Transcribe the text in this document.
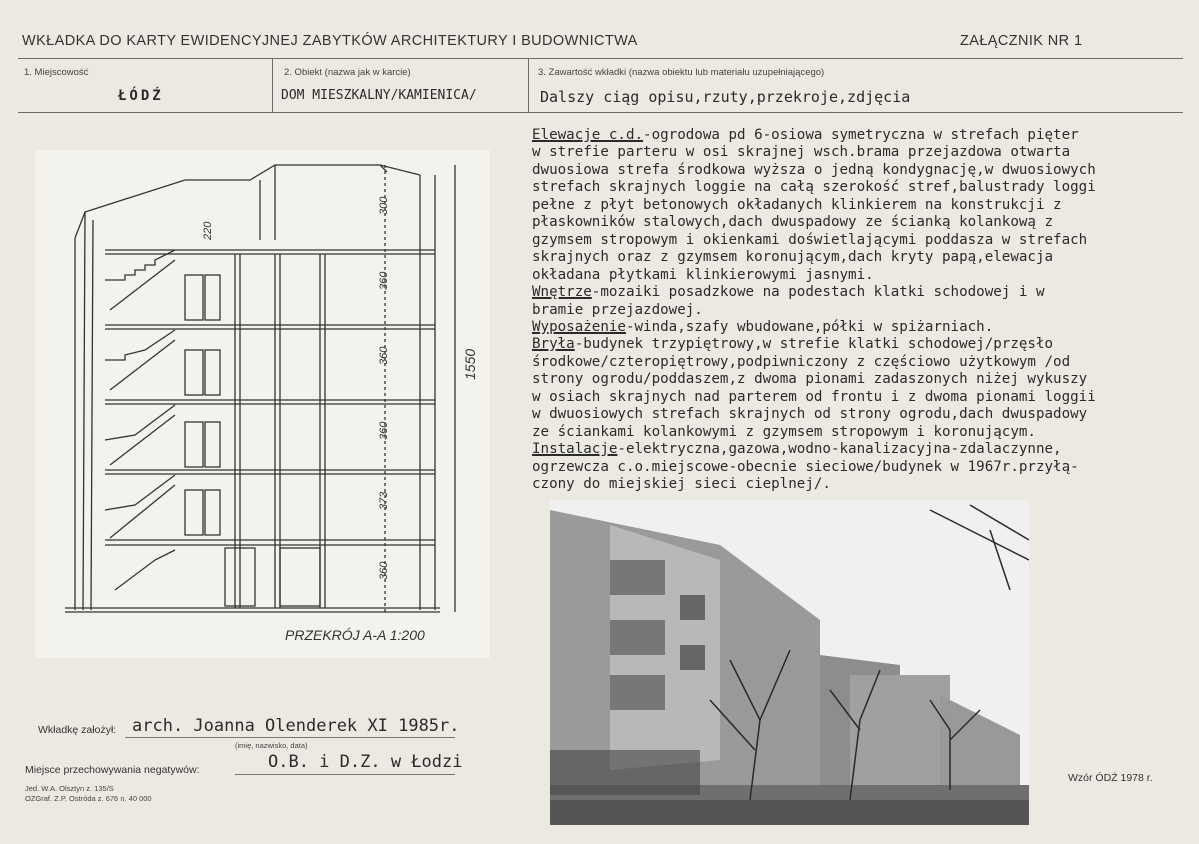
WKŁADKA DO KARTY EWIDENCYJNEJ ZABYTKÓW ARCHITEKTURY I BUDOWNICTWA	ZAŁĄCZNIK NR 1
1. Miejscowość	2. Obiekt (nazwa jak w karcie)	3. Zawartość wkładki (nazwa obiektu lub materiału uzupełniającego)
ŁÓDŹ	DOM MIESZKALNY/KAMIENICA/	Dalszy ciąg opisu,rzuty,przekroje,zdjęcia
Elewacje c.d.-ogrodowa pd 6-osiowa symetryczna w strefach pięter
w strefie parteru w osi skrajnej wsch.brama przejazdowa otwarta
dwuosiowa strefa środkowa wyższa o jedną kondygnację,w dwuosiowych
strefach skrajnych loggie na całą szerokość stref,balustrady loggi
pełne z płyt betonowych okładanych klinkierem na konstrukcji z
płaskowników stalowych,dach dwuspadowy ze ścianką kolankową z
gzymsem stropowym i okienkami doświetlającymi poddasza w strefach
skrajnych oraz z gzymsem koronującym,dach kryty papą,elewacja
okładana płytkami klinkierowymi jasnymi.
Wnętrze-mozaiki posadzkowe na podestach klatki schodowej i w
bramie przejazdowej.
Wyposażenie-winda,szafy wbudowane,półki w spiżarniach.
Bryła-budynek trzypiętrowy,w strefie klatki schodowej/przęsło
środkowe/czteropiętrowy,podpiwniczony z częściowo użytkowym /od
strony ogrodu/poddaszem,z dwoma pionami zadaszonych niżej wykuszy
w osiach skrajnych nad parterem od frontu i z dwoma pionami loggii
w dwuosiowych strefach skrajnych od strony ogrodu,dach dwuspadowy
ze ściankami kolankowymi z gzymsem stropowym i koronującym.
Instalacje-elektryczna,gazowa,wodno-kanalizacyjna-zdalaczynne,
ogrzewcza c.o.miejscowe-obecnie sieciowe/budynek w 1967r.przyłą-
czony do miejskiej sieci cieplnej/.
300
360
360
360
373
360
220
1550
PRZEKRÓJ A-A 1:200
Wkładkę założył: arch. Joanna Olenderek XI 1985r.
(imię, nazwisko, data)
Miejsce przechowywania negatywów:	O.B. i D.Z. w Łodzi
Jed. W.A. Olsztyn z. 135/S
OZGraf. Z.P. Ostróda z. 676 n. 40 000
Wzór ÓDŹ 1978 r.
